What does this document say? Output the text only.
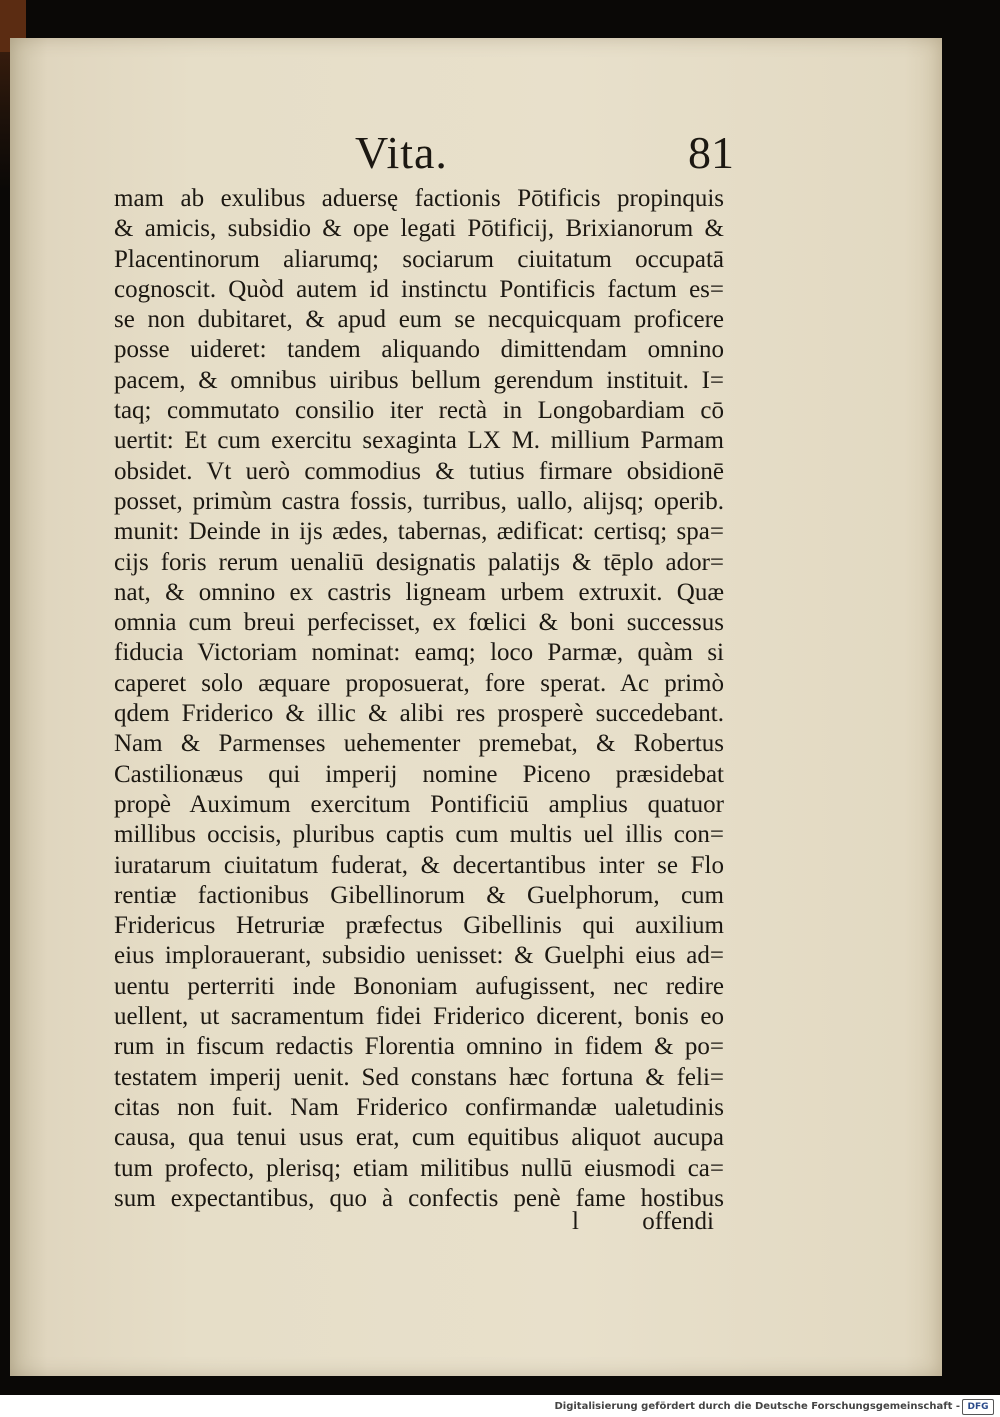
Vita.	81
mam ab exulibus aduersę factionis Pōtificis propinquis
& amicis, subsidio & ope legati Pōtificij, Brixianorum &
Placentinorum aliarumq; sociarum ciuitatum occupatā
cognoscit. Quòd autem id instinctu Pontificis factum es=
se non dubitaret, & apud eum se necquicquam proficere
posse uideret: tandem aliquando dimittendam omnino
pacem, & omnibus uiribus bellum gerendum instituit. I=
taq; commutato consilio iter rectà in Longobardiam cō
uertit: Et cum exercitu sexaginta LX M. millium Parmam
obsidet. Vt uerò commodius & tutius firmare obsidionē
posset, primùm castra fossis, turribus, uallo, alijsq; operib.
munit: Deinde in ijs ædes, tabernas, ædificat: certisq; spa=
cijs foris rerum uenaliū designatis palatijs & tēplo ador=
nat, & omnino ex castris ligneam urbem extruxit. Quæ
omnia cum breui perfecisset, ex fœlici & boni successus
fiducia Victoriam nominat: eamq; loco Parmæ, quàm si
caperet solo æquare proposuerat, fore sperat. Ac primò
qdem Friderico & illic & alibi res prosperè succedebant.
Nam & Parmenses uehementer premebat, & Robertus
Castilionæus qui imperij nomine Piceno præsidebat
propè Auximum exercitum Pontificiū amplius quatuor
millibus occisis, pluribus captis cum multis uel illis con=
iuratarum ciuitatum fuderat, & decertantibus inter se Flo
rentiæ factionibus Gibellinorum & Guelphorum, cum
Fridericus Hetruriæ præfectus Gibellinis qui auxilium
eius implorauerant, subsidio uenisset: & Guelphi eius ad=
uentu perterriti inde Bononiam aufugissent, nec redire
uellent, ut sacramentum fidei Friderico dicerent, bonis eo
rum in fiscum redactis Florentia omnino in fidem & po=
testatem imperij uenit. Sed constans hæc fortuna & feli=
citas non fuit. Nam Friderico confirmandæ ualetudinis
causa, qua tenui usus erat, cum equitibus aliquot aucupa
tum profecto, plerisq; etiam militibus nullū eiusmodi ca=
sum expectantibus, quo à confectis penè fame hostibus
l	offendi
Digitalisierung gefördert durch die Deutsche Forschungsgemeinschaft - DFG
